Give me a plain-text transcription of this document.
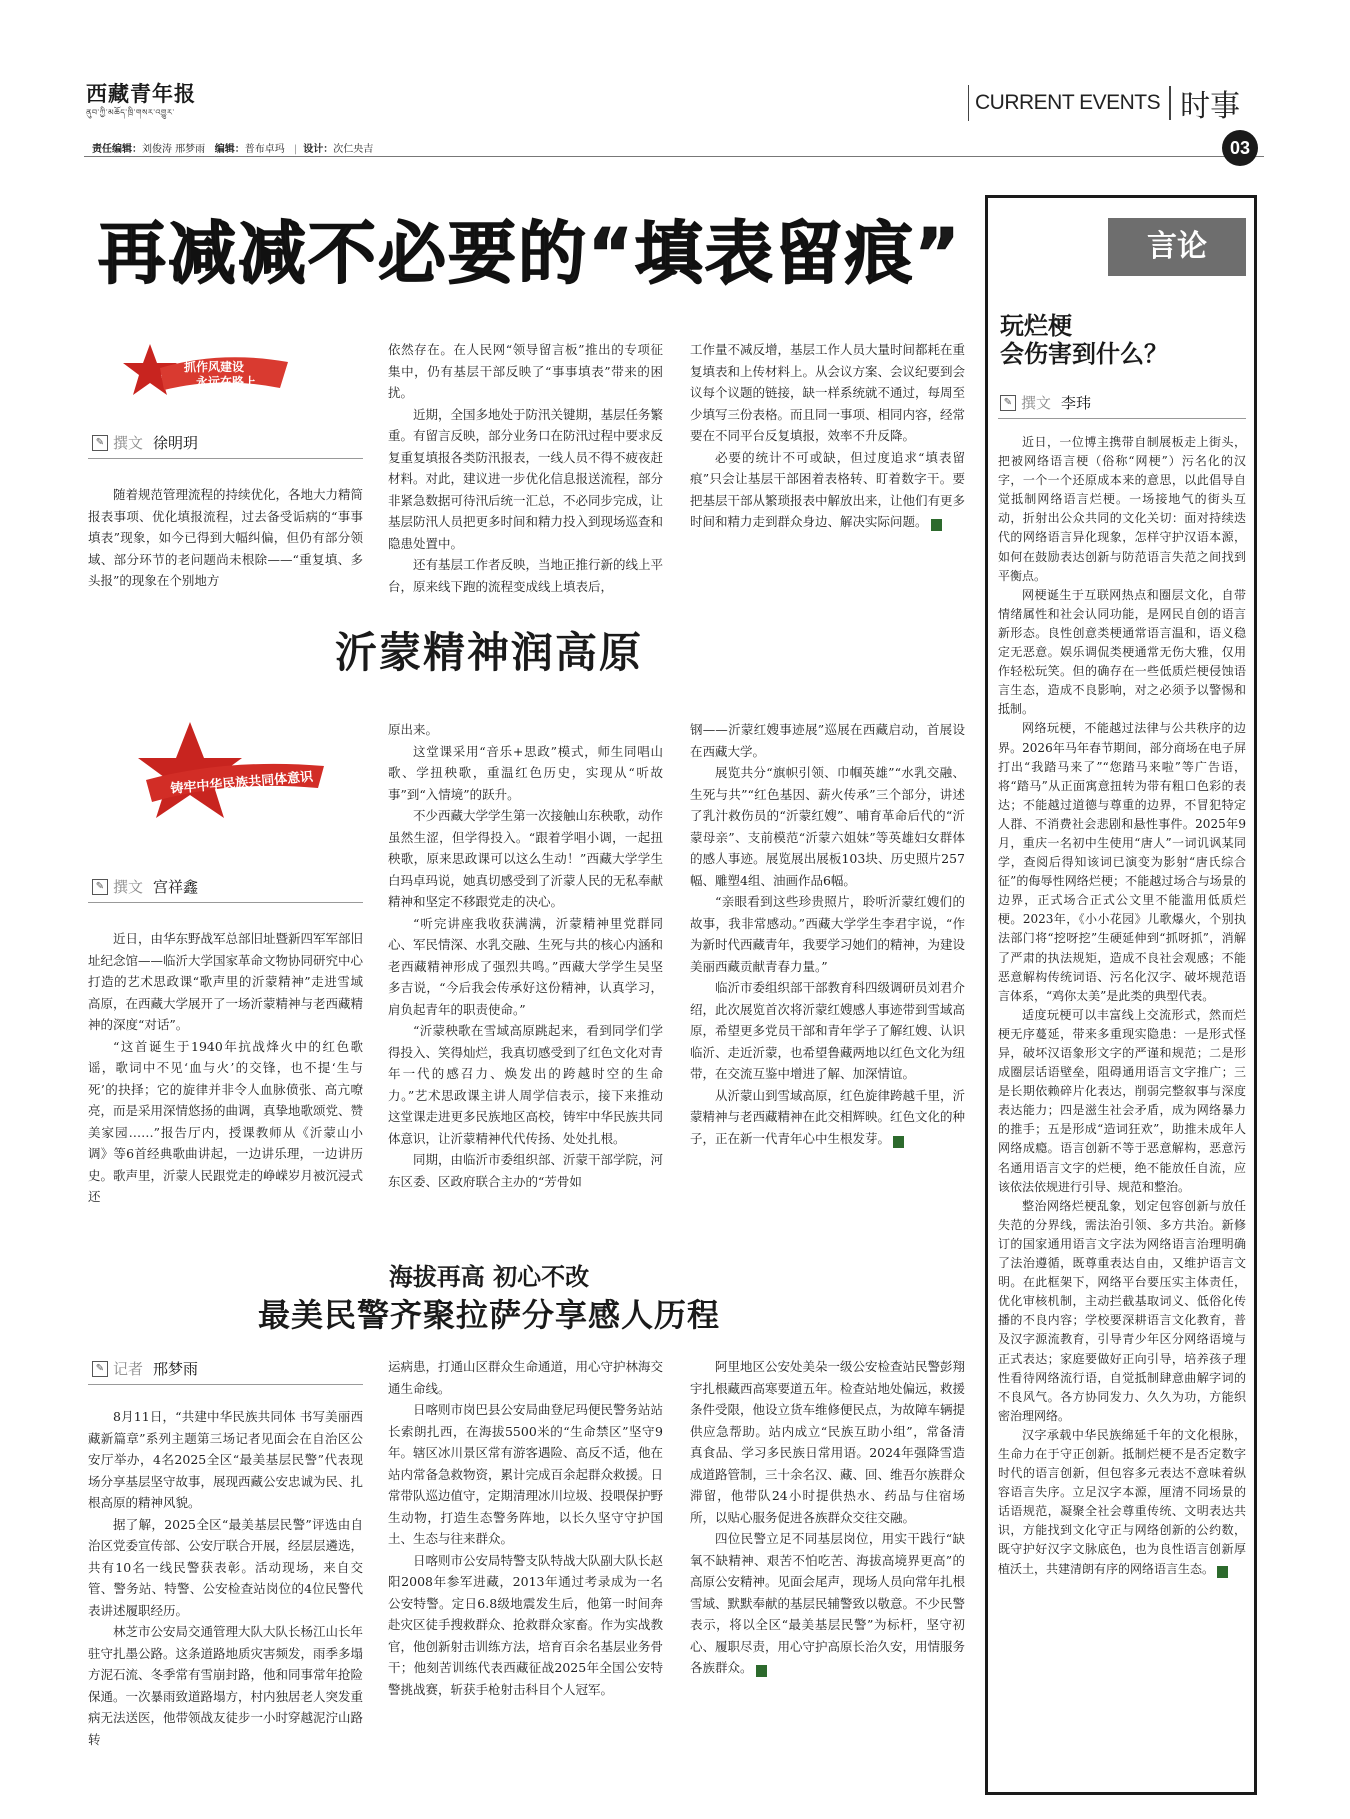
西藏青年报
ནུབ་ཀྱི་མཆོད་ཁྲི་གསར་འགྱུར་
责任编辑：刘俊涛 邢梦雨 编辑：普布卓玛 | 设计：次仁央吉
CURRENT EVENTS 时事
03
再减减不必要的“填表留痕”
抓作风建设
永远在路上
✎ 撰文 徐明玥

随着规范管理流程的持续优化，各地大力精简报表事项、优化填报流程，过去备受诟病的“事事填表”现象，如今已得到大幅纠偏，但仍有部分领域、部分环节的老问题尚未根除——“重复填、多头报”的现象在个别地方

依然存在。在人民网“领导留言板”推出的专项征集中，仍有基层干部反映了“事事填表”带来的困扰。

近期，全国多地处于防汛关键期，基层任务繁重。有留言反映，部分业务口在防汛过程中要求反复重复填报各类防汛报表，一线人员不得不疲夜赶材料。对此，建议进一步优化信息报送流程，部分非紧急数据可待汛后统一汇总，不必同步完成，让基层防汛人员把更多时间和精力投入到现场巡查和隐患处置中。

还有基层工作者反映，当地正推行新的线上平台，原来线下跑的流程变成线上填表后，

工作量不减反增，基层工作人员大量时间都耗在重复填表和上传材料上。从会议方案、会议纪要到会议每个议题的链接，缺一样系统就不通过，每周至少填写三份表格。而且同一事项、相同内容，经常要在不同平台反复填报，效率不升反降。

必要的统计不可或缺，但过度追求“填表留痕”只会让基层干部困着表格转、盯着数字干。要把基层干部从繁琐报表中解放出来，让他们有更多时间和精力走到群众身边、解决实际问题。	青

沂蒙精神润高原
铸牢中华民族共同体意识
✎ 撰文 宫祥鑫

近日，由华东野战军总部旧址暨新四军军部旧址纪念馆——临沂大学国家革命文物协同研究中心打造的艺术思政课“歌声里的沂蒙精神”走进雪域高原，在西藏大学展开了一场沂蒙精神与老西藏精神的深度“对话”。

“这首诞生于1940年抗战烽火中的红色歌谣，歌词中不见‘血与火’的交锋，也不提‘生与死’的抉择；它的旋律并非令人血脉偾张、高亢嘹亮，而是采用深情悠扬的曲调，真挚地歌颂党、赞美家园……”报告厅内，授课教师从《沂蒙山小调》等6首经典歌曲讲起，一边讲乐理，一边讲历史。歌声里，沂蒙人民跟党走的峥嵘岁月被沉浸式还

原出来。

这堂课采用“音乐+思政”模式，师生同唱山歌、学扭秧歌，重温红色历史，实现从“听故事”到“入情境”的跃升。

不少西藏大学学生第一次接触山东秧歌，动作虽然生涩，但学得投入。“跟着学唱小调，一起扭秧歌，原来思政课可以这么生动！”西藏大学学生白玛卓玛说，她真切感受到了沂蒙人民的无私奉献精神和坚定不移跟党走的决心。

“听完讲座我收获满满，沂蒙精神里党群同心、军民情深、水乳交融、生死与共的核心内涵和老西藏精神形成了强烈共鸣。”西藏大学学生吴坚多吉说，“今后我会传承好这份精神，认真学习，肩负起青年的职责使命。”

“沂蒙秧歌在雪域高原跳起来，看到同学们学得投入、笑得灿烂，我真切感受到了红色文化对青年一代的感召力、焕发出的跨越时空的生命力。”艺术思政课主讲人周学信表示，接下来推动这堂课走进更多民族地区高校，铸牢中华民族共同体意识，让沂蒙精神代代传扬、处处扎根。

同期，由临沂市委组织部、沂蒙干部学院，河东区委、区政府联合主办的“芳骨如

钢——沂蒙红嫂事迹展”巡展在西藏启动，首展设在西藏大学。

展览共分“旗帜引领、巾帼英雄”“水乳交融、生死与共”“红色基因、薪火传承”三个部分，讲述了乳汁救伤员的“沂蒙红嫂”、哺育革命后代的“沂蒙母亲”、支前模范“沂蒙六姐妹”等英雄妇女群体的感人事迹。展览展出展板103块、历史照片257幅、雕塑4组、油画作品6幅。

“亲眼看到这些珍贵照片，聆听沂蒙红嫂们的故事，我非常感动。”西藏大学学生李君宇说，“作为新时代西藏青年，我要学习她们的精神，为建设美丽西藏贡献青春力量。”

临沂市委组织部干部教育科四级调研员刘君介绍，此次展览首次将沂蒙红嫂感人事迹带到雪域高原，希望更多党员干部和青年学子了解红嫂、认识临沂、走近沂蒙，也希望鲁藏两地以红色文化为纽带，在交流互鉴中增进了解、加深情谊。

从沂蒙山到雪域高原，红色旋律跨越千里，沂蒙精神与老西藏精神在此交相辉映。红色文化的种子，正在新一代青年心中生根发芽。	青

海拔再高 初心不改
最美民警齐聚拉萨分享感人历程
✎ 记者 邢梦雨

8月11日，“共建中华民族共同体 书写美丽西藏新篇章”系列主题第三场记者见面会在自治区公安厅举办，4名2025全区“最美基层民警”代表现场分享基层坚守故事，展现西藏公安忠诚为民、扎根高原的精神风貌。

据了解，2025全区“最美基层民警”评选由自治区党委宣传部、公安厅联合开展，经层层遴选，共有10名一线民警获表彰。活动现场，来自交管、警务站、特警、公安检查站岗位的4位民警代表讲述履职经历。

林芝市公安局交通管理大队大队长杨江山长年驻守扎墨公路。这条道路地质灾害频发，雨季多塌方泥石流、冬季常有雪崩封路，他和同事常年抢险保通。一次暴雨致道路塌方，村内独居老人突发重病无法送医，他带领战友徒步一小时穿越泥泞山路转

运病患，打通山区群众生命通道，用心守护林海交通生命线。

日喀则市岗巴县公安局曲登尼玛便民警务站站长索朗扎西，在海拔5500米的“生命禁区”坚守9年。辖区冰川景区常有游客遇险、高反不适，他在站内常备急救物资，累计完成百余起群众救援。日常带队巡边值守，定期清理冰川垃圾、投喂保护野生动物，打造生态警务阵地，以长久坚守守护国土、生态与往来群众。

日喀则市公安局特警支队特战大队副大队长赵阳2008年参军进藏，2013年通过考录成为一名公安特警。定日6.8级地震发生后，他第一时间奔赴灾区徒手搜救群众、抢救群众家畜。作为实战教官，他创新射击训练方法，培育百余名基层业务骨干；他刻苦训练代表西藏征战2025年全国公安特警挑战赛，斩获手枪射击科目个人冠军。

阿里地区公安处美朵一级公安检查站民警彭翔宇扎根藏西高寒要道五年。检查站地处偏远，救援条件受限，他设立货车维修便民点，为故障车辆提供应急帮助。站内成立“民族互助小组”，常备清真食品、学习多民族日常用语。2024年强降雪造成道路管制，三十余名汉、藏、回、维吾尔族群众滞留，他带队24小时提供热水、药品与住宿场所，以贴心服务促进各族群众交往交融。

四位民警立足不同基层岗位，用实干践行“缺氧不缺精神、艰苦不怕吃苦、海拔高境界更高”的高原公安精神。见面会尾声，现场人员向常年扎根雪域、默默奉献的基层民辅警致以敬意。不少民警表示，将以全区“最美基层民警”为标杆，坚守初心、履职尽责，用心守护高原长治久安，用情服务各族群众。	青

言论
玩烂梗
会伤害到什么？
✎ 撰文 李玮

近日，一位博主携带自制展板走上街头，把被网络语言梗（俗称“网梗”）污名化的汉字，一个一个还原成本来的意思，以此倡导自觉抵制网络语言烂梗。一场接地气的街头互动，折射出公众共同的文化关切：面对持续迭代的网络语言异化现象，怎样守护汉语本源，如何在鼓励表达创新与防范语言失范之间找到平衡点。

网梗诞生于互联网热点和圈层文化，自带情绪属性和社会认同功能，是网民自创的语言新形态。良性创意类梗通常语言温和，语义稳定无恶意。娱乐调侃类梗通常无伤大雅，仅用作轻松玩笑。但的确存在一些低质烂梗侵蚀语言生态，造成不良影响，对之必须予以警惕和抵制。

网络玩梗，不能越过法律与公共秩序的边界。2026年马年春节期间，部分商场在电子屏打出“我踏马来了”“您踏马来啦”等广告语，将“踏马”从正面寓意扭转为带有粗口色彩的表达；不能越过道德与尊重的边界，不冒犯特定人群、不消费社会悲剧和悬性事件。2025年9月，重庆一名初中生使用“唐人”一词讥讽某同学，查阅后得知该词已演变为影射“唐氏综合征”的侮辱性网络烂梗；不能越过场合与场景的边界，正式场合正式公文里不能滥用低质烂梗。2023年，《小小花园》儿歌爆火，个别执法部门将“挖呀挖”生硬延伸到“抓呀抓”，消解了严肃的执法规矩，造成不良社会观感；不能恶意解构传统词语、污名化汉字、破坏规范语言体系，“鸡你太美”是此类的典型代表。

适度玩梗可以丰富线上交流形式，然而烂梗无序蔓延，带来多重现实隐患：一是形式怪异，破坏汉语象形文字的严谨和规范；二是形成圈层话语壁垒，阻碍通用语言文字推广；三是长期依赖碎片化表达，削弱完整叙事与深度表达能力；四是滋生社会矛盾，成为网络暴力的推手；五是形成“造词狂欢”，助推未成年人网络成瘾。语言创新不等于恶意解构，恶意污名通用语言文字的烂梗，绝不能放任自流，应该依法依规进行引导、规范和整治。

整治网络烂梗乱象，划定包容创新与放任失范的分界线，需法治引领、多方共治。新修订的国家通用语言文字法为网络语言治理明确了法治遵循，既尊重表达自由，又维护语言文明。在此框架下，网络平台要压实主体责任，优化审核机制，主动拦截基取词义、低俗化传播的不良内容；学校要深耕语言文化教育，普及汉字源流教育，引导青少年区分网络语境与正式表达；家庭要做好正向引导，培养孩子理性看待网络流行语，自觉抵制肆意曲解字词的不良风气。各方协同发力、久久为功，方能织密治理网络。

汉字承载中华民族绵延千年的文化根脉，生命力在于守正创新。抵制烂梗不是否定数字时代的语言创新，但包容多元表达不意味着纵容语言失序。立足汉字本源，厘清不同场景的话语规范，凝聚全社会尊重传统、文明表达共识，方能找到文化守正与网络创新的公约数，既守护好汉字文脉底色，也为良性语言创新厚植沃土，共建清朗有序的网络语言生态。	青
